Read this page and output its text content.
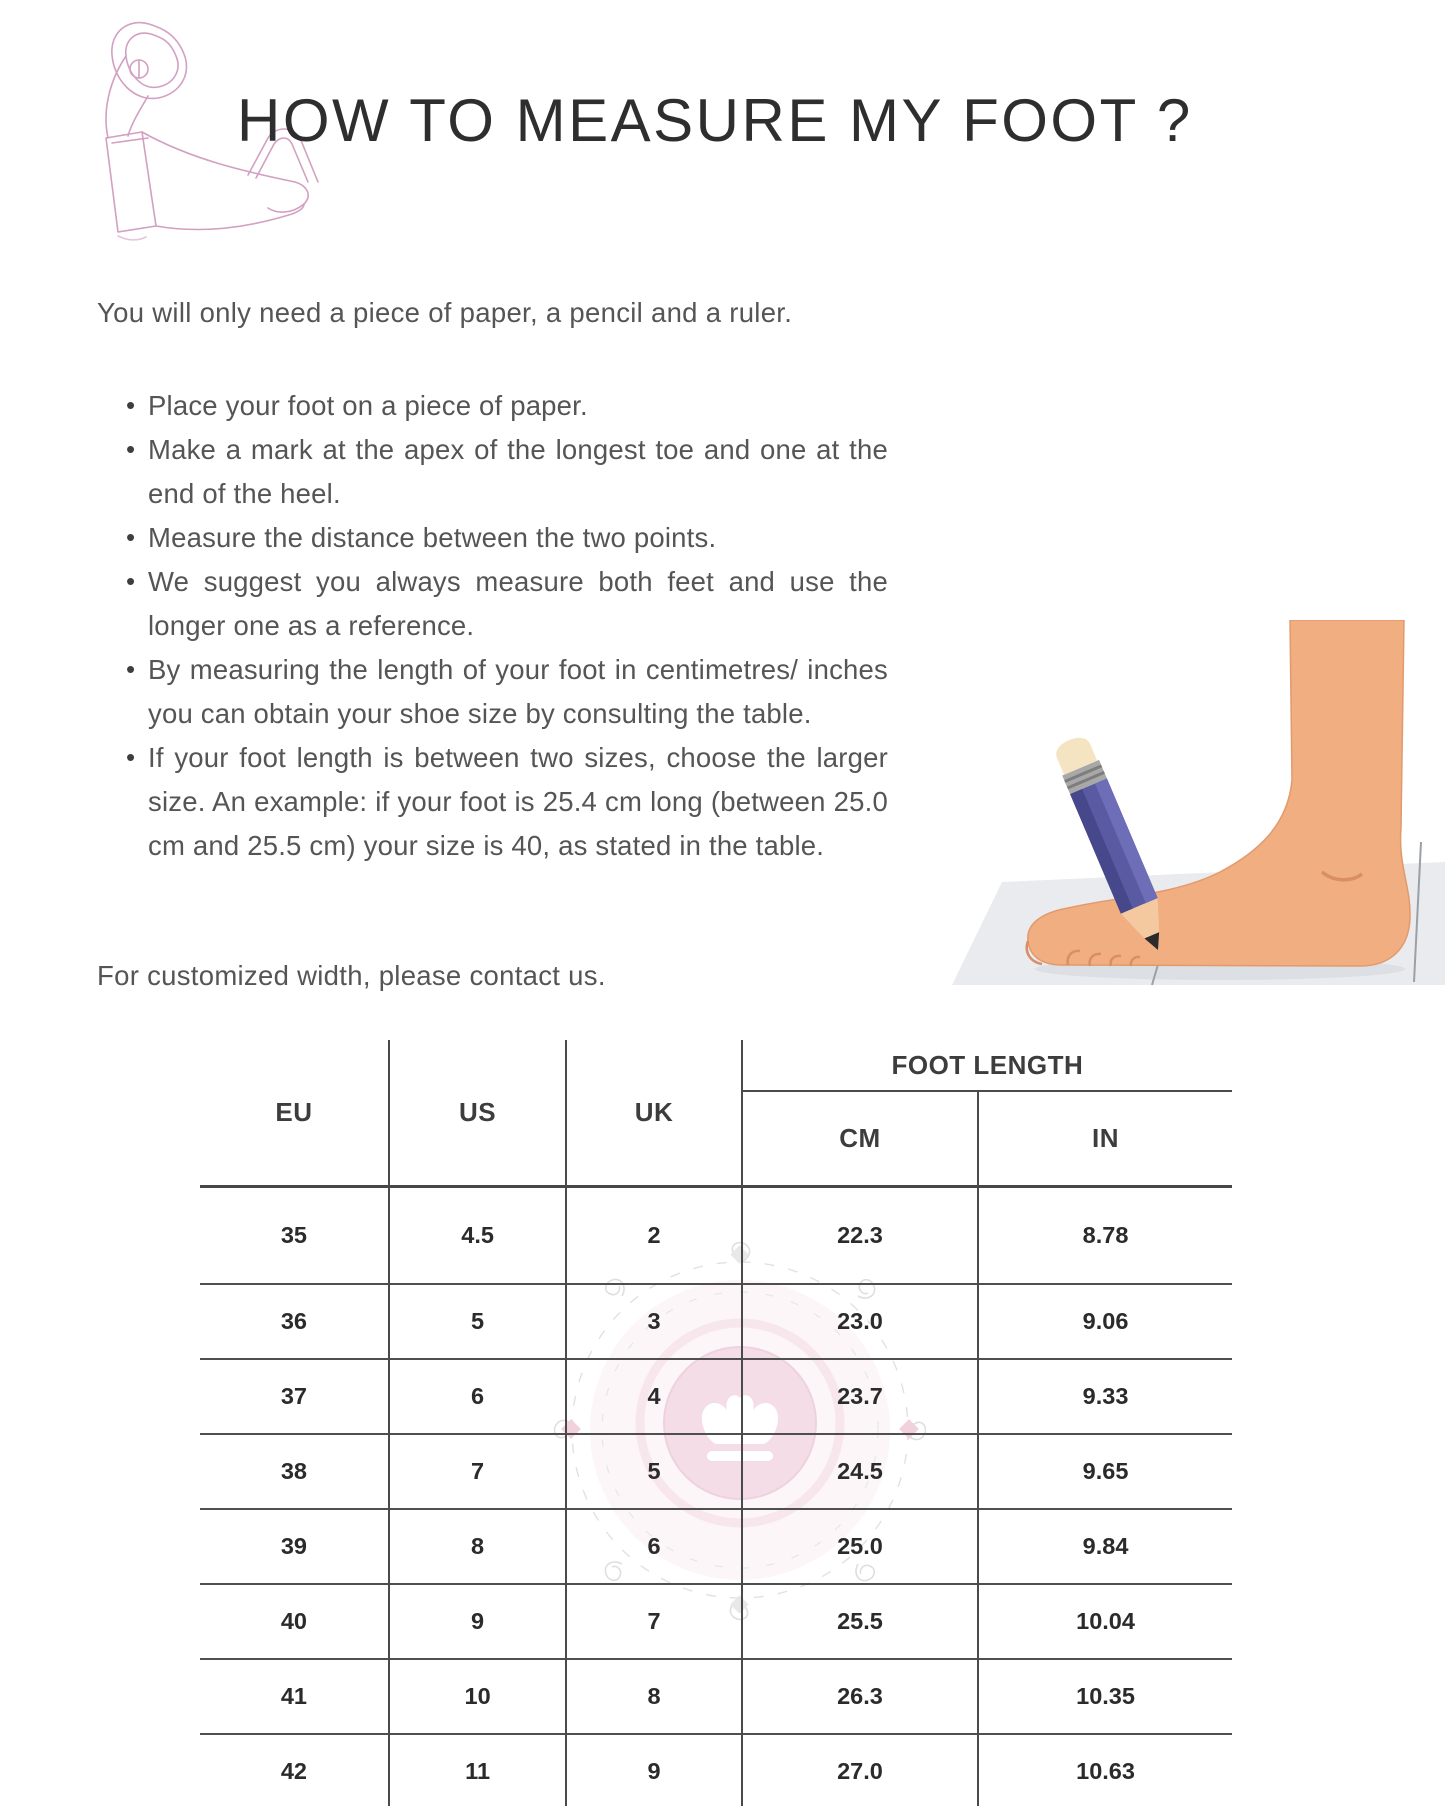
HOW TO MEASURE MY FOOT ?
You will only need a piece of paper, a pencil and a ruler.
• Place your foot on a piece of paper.
• Make a mark at the apex of the longest toe and one at the end of the heel.
• Measure the distance between the two points.
• We suggest you always measure both feet and use the longer one as a reference.
• By measuring the length of your foot in centimetres/ inches you can obtain your shoe size by consulting the table.
• If your foot length is between two sizes, choose the larger size. An example: if your foot is 25.4 cm long (between 25.0 cm and 25.5 cm) your size is 40, as stated in the table.
For customized width, please contact us.
EU	US	UK	FOOT LENGTH	
			CM	IN
35	4.5	2	22.3	8.78
36	5	3	23.0	9.06
37	6	4	23.7	9.33
38	7	5	24.5	9.65
39	8	6	25.0	9.84
40	9	7	25.5	10.04
41	10	8	26.3	10.35
42	11	9	27.0	10.63
